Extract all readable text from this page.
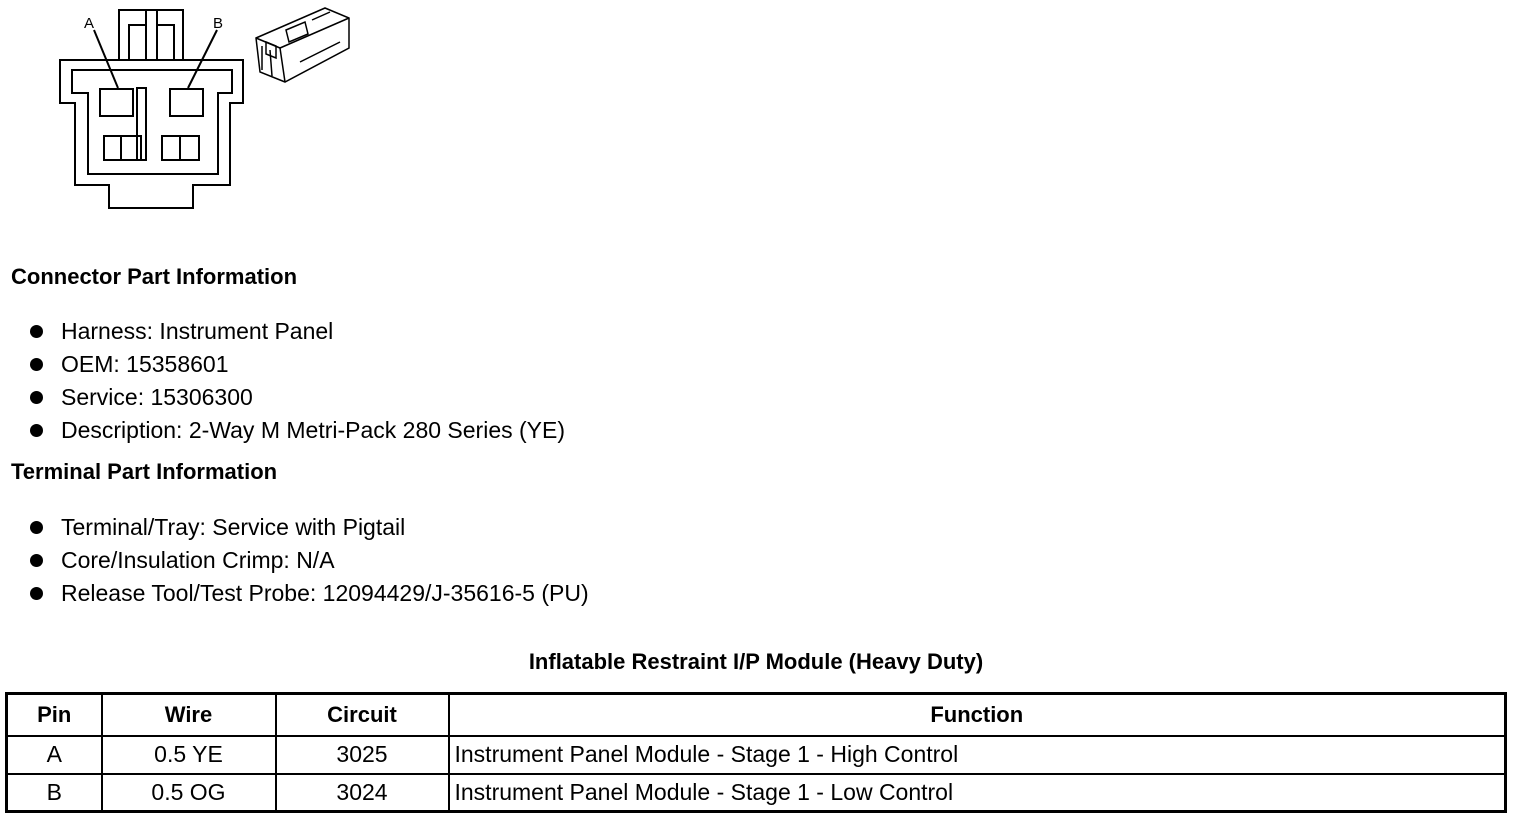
A	B
Connector Part Information
Harness: Instrument Panel
OEM: 15358601
Service: 15306300
Description: 2-Way M Metri-Pack 280 Series (YE)
Terminal Part Information
Terminal/Tray: Service with Pigtail
Core/Insulation Crimp: N/A
Release Tool/Test Probe: 12094429/J-35616-5 (PU)
Inflatable Restraint I/P Module (Heavy Duty)
Pin	Wire	Circuit	Function
A	0.5 YE	3025	Instrument Panel Module - Stage 1 - High Control
B	0.5 OG	3024	Instrument Panel Module - Stage 1 - Low Control
